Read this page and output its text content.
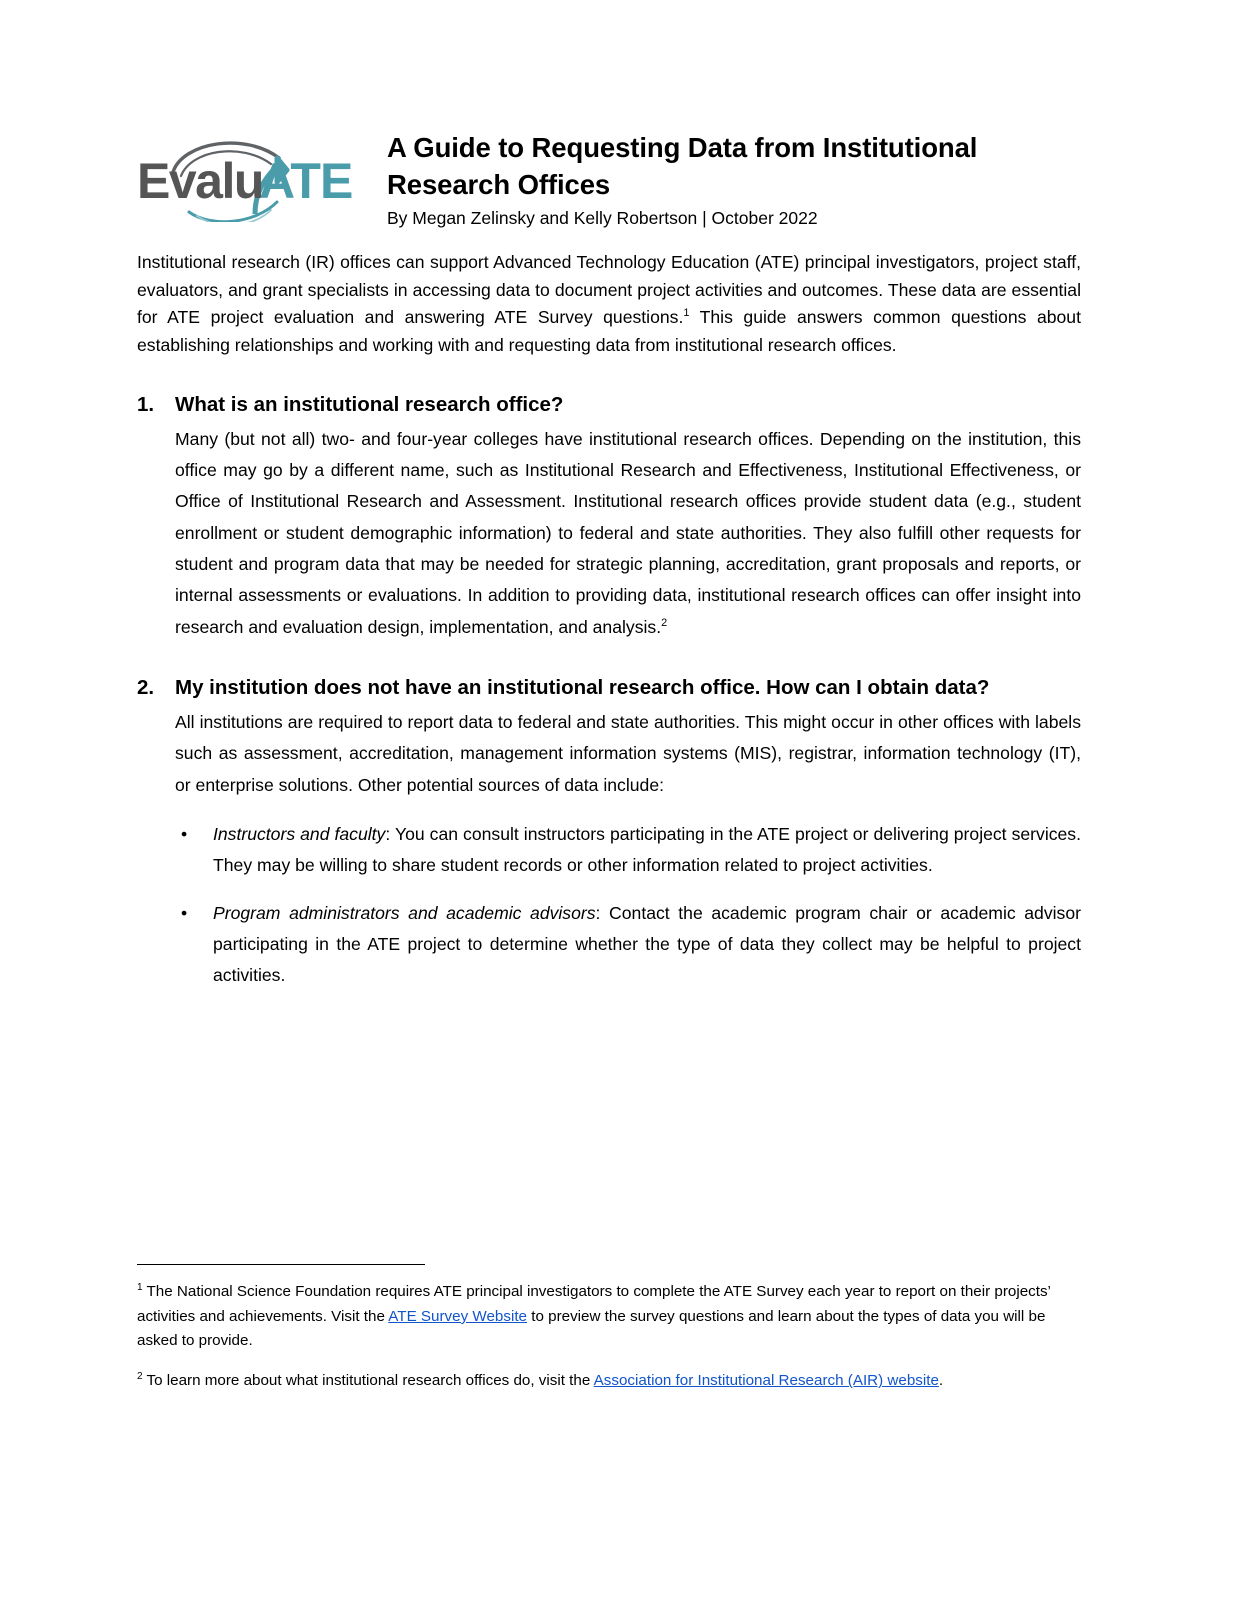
Evalu
ATE
A Guide to Requesting Data from Institutional Research Offices

By Megan Zelinsky and Kelly Robertson | October 2022

Institutional research (IR) offices can support Advanced Technology Education (ATE) principal investigators, project staff, evaluators, and grant specialists in accessing data to document project activities and outcomes. These data are essential for ATE project evaluation and answering ATE Survey questions.$^1$ This guide answers common questions about establishing relationships and working with and requesting data from institutional research offices.

1.	What is an institutional research office?

Many (but not all) two- and four-year colleges have institutional research offices. Depending on the institution, this office may go by a different name, such as Institutional Research and Effectiveness, Institutional Effectiveness, or Office of Institutional Research and Assessment. Institutional research offices provide student data (e.g., student enrollment or student demographic information) to federal and state authorities. They also fulfill other requests for student and program data that may be needed for strategic planning, accreditation, grant proposals and reports, or internal assessments or evaluations. In addition to providing data, institutional research offices can offer insight into research and evaluation design, implementation, and analysis.$^2$

2.	My institution does not have an institutional research office. How can I obtain data?

All institutions are required to report data to federal and state authorities. This might occur in other offices with labels such as assessment, accreditation, management information systems (MIS), registrar, information technology (IT), or enterprise solutions. Other potential sources of data include:

• Instructors and faculty: You can consult instructors participating in the ATE project or delivering project services. They may be willing to share student records or other information related to project activities.
• Program administrators and academic advisors: Contact the academic program chair or academic advisor participating in the ATE project to determine whether the type of data they collect may be helpful to project activities.

$^1$ The National Science Foundation requires ATE principal investigators to complete the ATE Survey each year to report on their projects’ activities and achievements. Visit the ATE Survey Website to preview the survey questions and learn about the types of data you will be asked to provide.

$^2$ To learn more about what institutional research offices do, visit the Association for Institutional Research (AIR) website.
